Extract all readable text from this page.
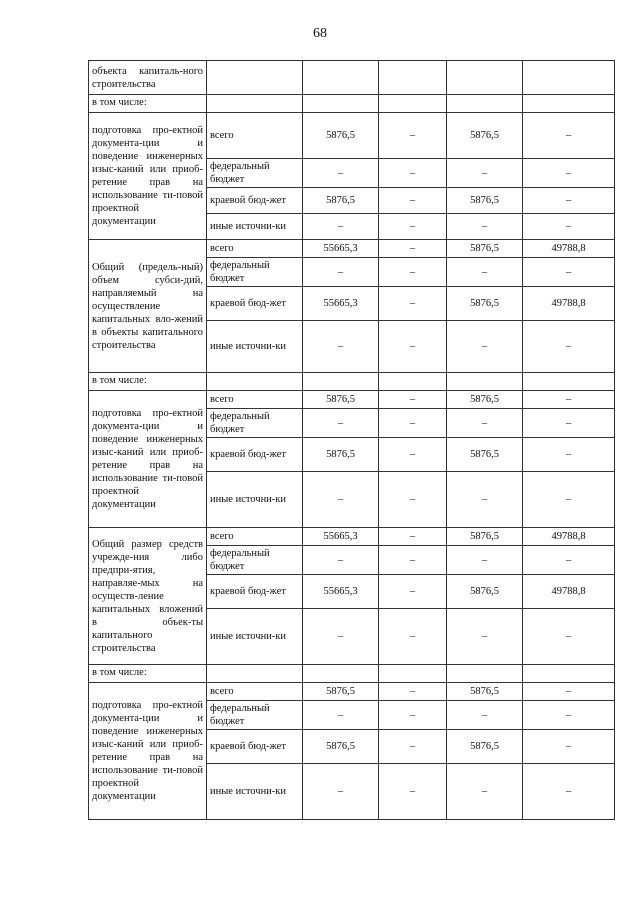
68
объекта капиталь-ного строительства					
в том числе:					
подготовка про-ектной документа-ции и поведение инженерных изыс-каний или приоб-ретение прав на использование ти-повой проектной документации	всего	5876,5	–	5876,5	–
	федеральный бюджет	–	–	–	–
	краевой бюд-жет	5876,5	–	5876,5	–
	иные источни-ки	–	–	–	–
Общий (предель-ный) объем субси-дий, направляемый на осуществление капитальных вло-жений в объекты капитального строительства	всего	55665,3	–	5876,5	49788,8
	федеральный бюджет	–	–	–	–
	краевой бюд-жет	55665,3	–	5876,5	49788,8
	иные источни-ки	–	–	–	–
в том числе:					
подготовка про-ектной документа-ции и поведение инженерных изыс-каний или приоб-ретение прав на использование ти-повой проектной документации	всего	5876,5	–	5876,5	–
	федеральный бюджет	–	–	–	–
	краевой бюд-жет	5876,5	–	5876,5	–
	иные источни-ки	–	–	–	–
Общий размер средств учрежде-ния либо предпри-ятия, направляе-мых на осуществ-ление капитальных вложений в объек-ты капитального строительства	всего	55665,3	–	5876,5	49788,8
	федеральный бюджет	–	–	–	–
	краевой бюд-жет	55665,3	–	5876,5	49788,8
	иные источни-ки	–	–	–	–
в том числе:					
подготовка про-ектной документа-ции и поведение инженерных изыс-каний или приоб-ретение прав на использование ти-повой проектной документации	всего	5876,5	–	5876,5	–
	федеральный бюджет	–	–	–	–
	краевой бюд-жет	5876,5	–	5876,5	–
	иные источни-ки	–	–	–	–
